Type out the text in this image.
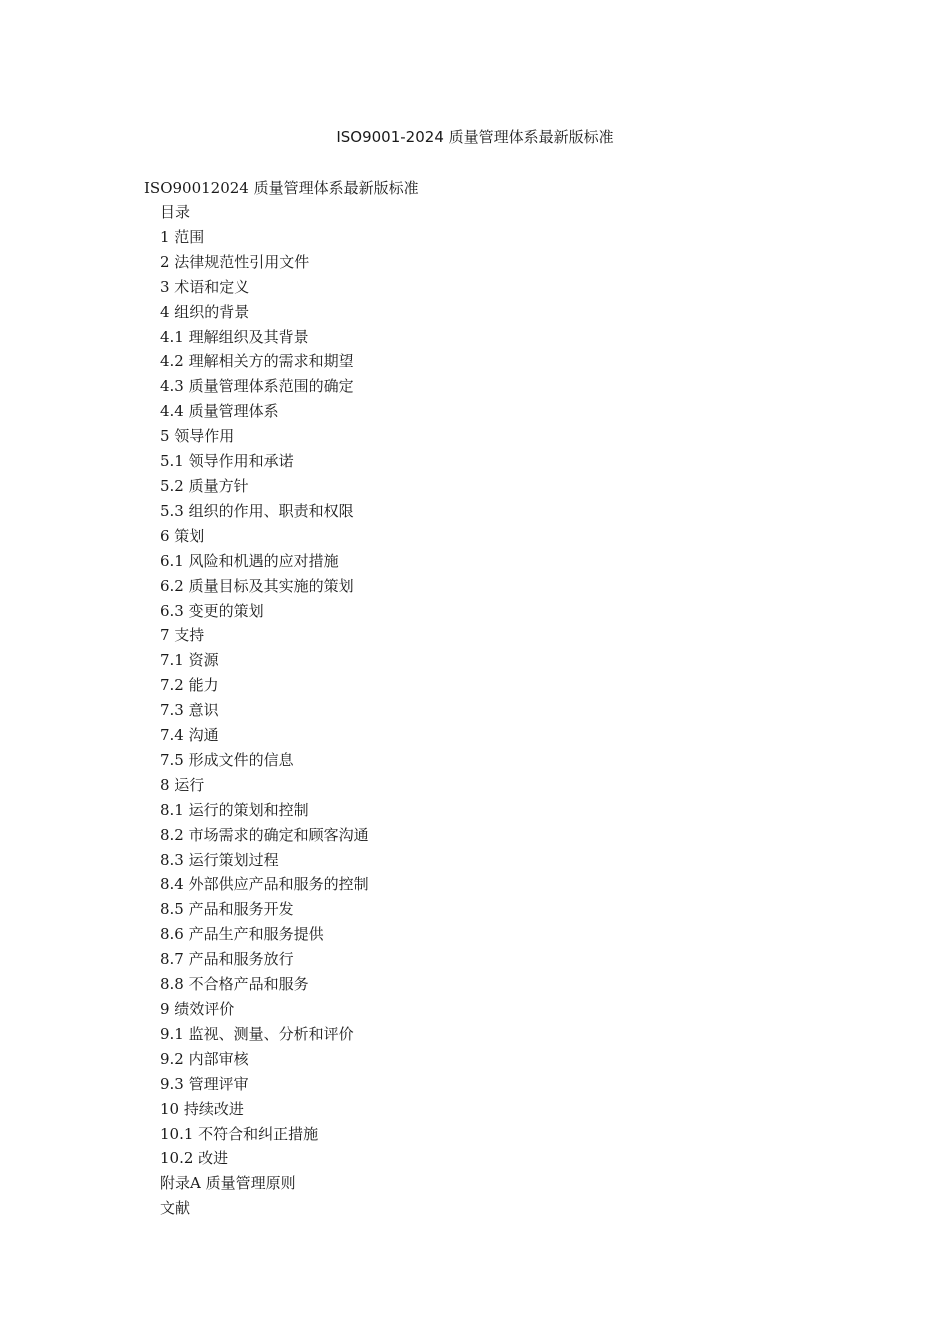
ISO9001-2024 质量管理体系最新版标准

ISO90012024 质量管理体系最新版标准

目录
1 范围
2 法律规范性引用文件
3 术语和定义
4 组织的背景
4.1 理解组织及其背景
4.2 理解相关方的需求和期望
4.3 质量管理体系范围的确定
4.4 质量管理体系
5 领导作用
5.1 领导作用和承诺
5.2 质量方针
5.3 组织的作用、职责和权限
6 策划
6.1 风险和机遇的应对措施
6.2 质量目标及其实施的策划
6.3 变更的策划
7 支持
7.1 资源
7.2 能力
7.3 意识
7.4 沟通
7.5 形成文件的信息
8 运行
8.1 运行的策划和控制
8.2 市场需求的确定和顾客沟通
8.3 运行策划过程
8.4 外部供应产品和服务的控制
8.5 产品和服务开发
8.6 产品生产和服务提供
8.7 产品和服务放行
8.8 不合格产品和服务
9 绩效评价
9.1 监视、测量、分析和评价
9.2 内部审核
9.3 管理评审
10 持续改进
10.1 不符合和纠正措施
10.2 改进
附录A 质量管理原则
文献
